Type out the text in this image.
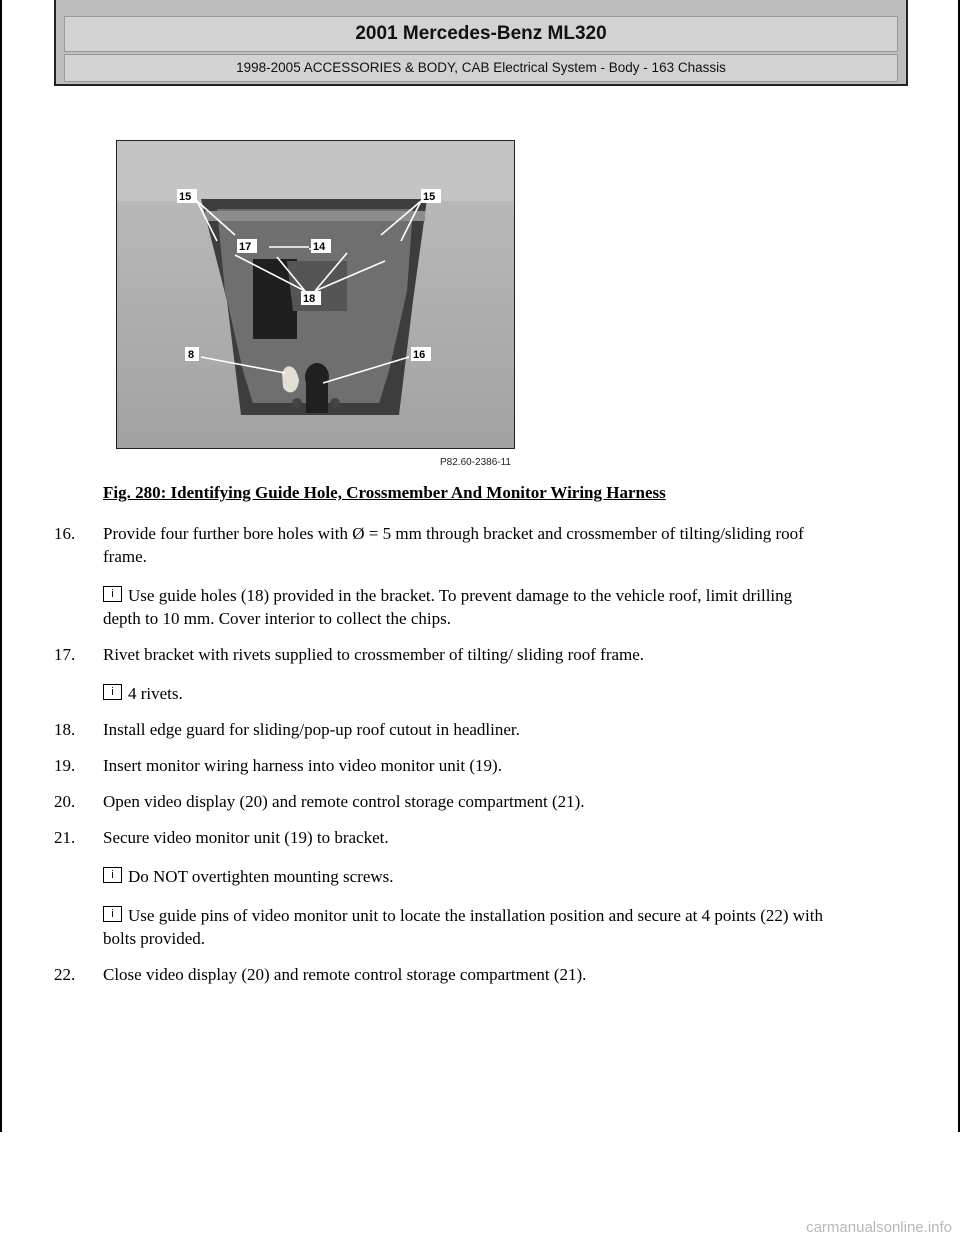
2001 Mercedes-Benz ML320
1998-2005 ACCESSORIES & BODY, CAB Electrical System - Body - 163 Chassis
15	15
17	14
18
8	16
P82.60-2386-11
Fig. 280: Identifying Guide Hole, Crossmember And Monitor Wiring Harness
16.	Provide four further bore holes with Ø = 5 mm through bracket and crossmember of tilting/sliding roof
frame.
i Use guide holes (18) provided in the bracket. To prevent damage to the vehicle roof, limit drilling
depth to 10 mm. Cover interior to collect the chips.
17.	Rivet bracket with rivets supplied to crossmember of tilting/ sliding roof frame.
i 4 rivets.
18.	Install edge guard for sliding/pop-up roof cutout in headliner.
19.	Insert monitor wiring harness into video monitor unit (19).
20.	Open video display (20) and remote control storage compartment (21).
21.	Secure video monitor unit (19) to bracket.
i Do NOT overtighten mounting screws.
i Use guide pins of video monitor unit to locate the installation position and secure at 4 points (22) with
bolts provided.
22.	Close video display (20) and remote control storage compartment (21).
carmanualsonline.info
